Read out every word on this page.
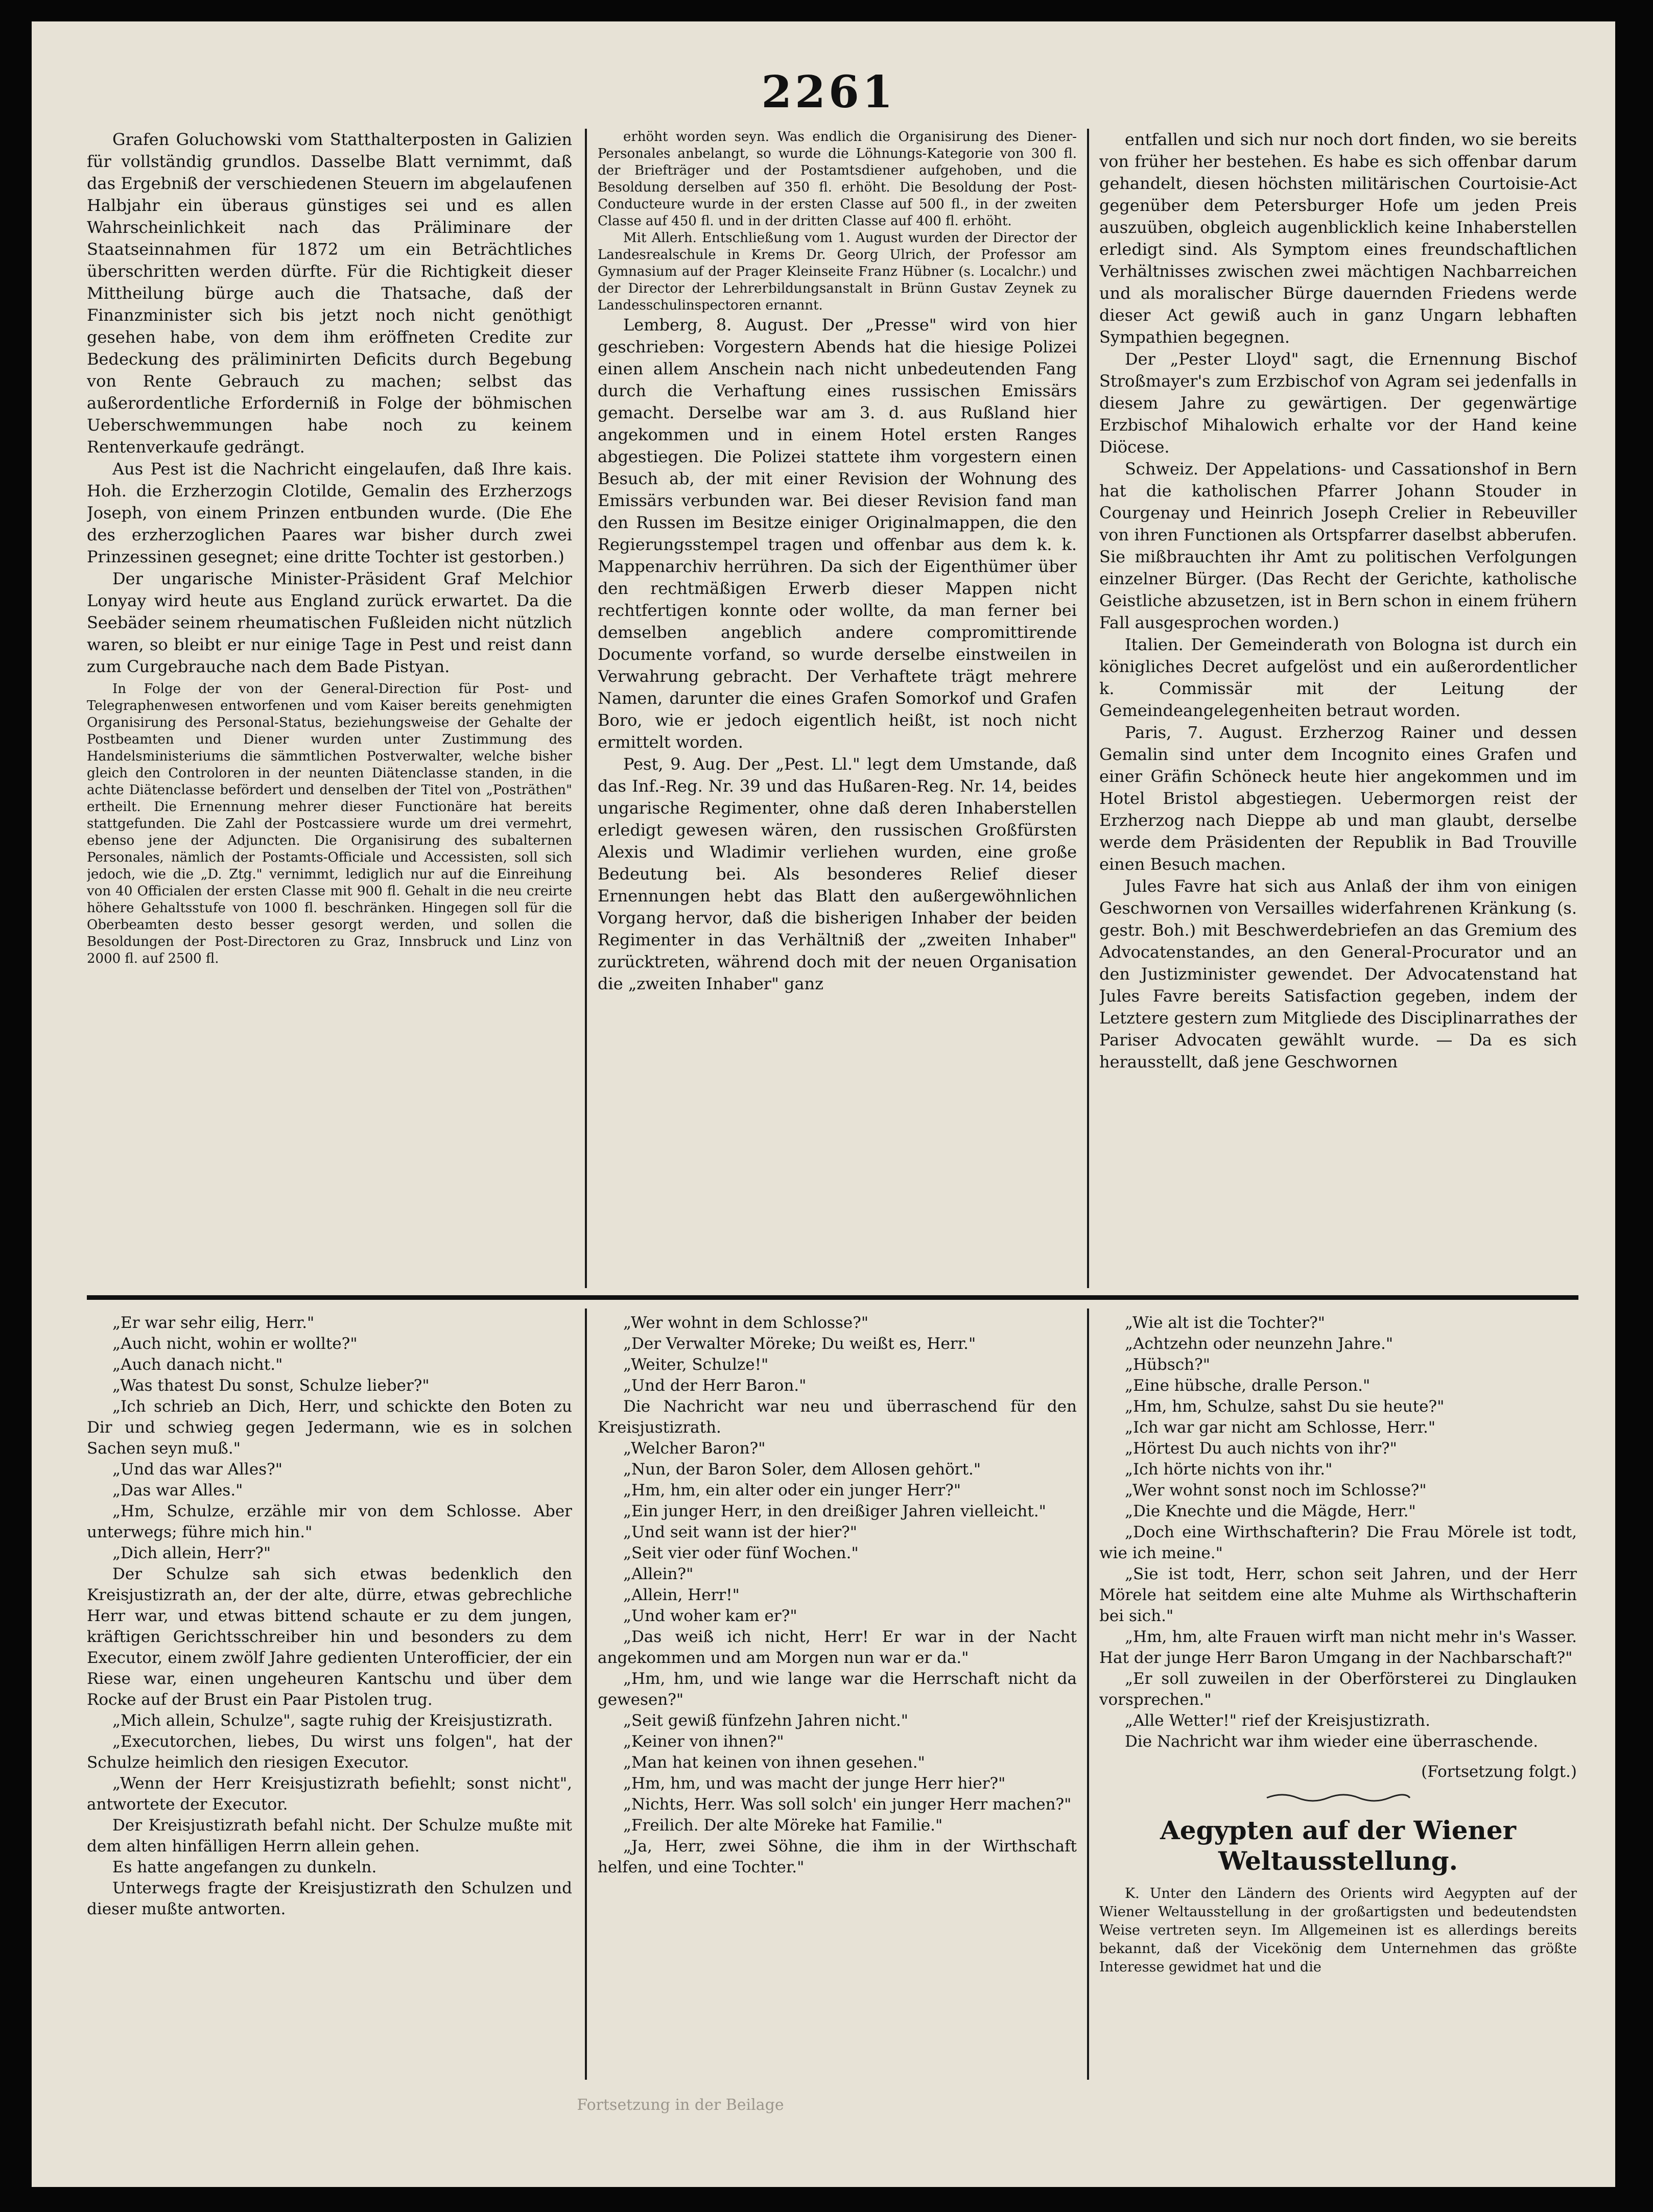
2261

Grafen Goluchowski vom Statthalterposten in Galizien für vollständig grundlos. Dasselbe Blatt vernimmt, daß das Ergebniß der verschiedenen Steuern im abgelaufenen Halbjahr ein überaus günstiges sei und es allen Wahrscheinlichkeit nach das Präliminare der Staatseinnahmen für 1872 um ein Beträchtliches überschritten werden dürfte. Für die Richtigkeit dieser Mittheilung bürge auch die Thatsache, daß der Finanzminister sich bis jetzt noch nicht genöthigt gesehen habe, von dem ihm eröffneten Credite zur Bedeckung des präliminirten Deficits durch Begebung von Rente Gebrauch zu machen; selbst das außerordentliche Erforderniß in Folge der böhmischen Ueberschwemmungen habe noch zu keinem Rentenverkaufe gedrängt.

Aus Pest ist die Nachricht eingelaufen, daß Ihre kais. Hoh. die Erzherzogin Clotilde, Gemalin des Erzherzogs Joseph, von einem Prinzen entbunden wurde. (Die Ehe des erzherzoglichen Paares war bisher durch zwei Prinzessinen gesegnet; eine dritte Tochter ist gestorben.)

Der ungarische Minister-Präsident Graf Melchior Lonyay wird heute aus England zurück erwartet. Da die Seebäder seinem rheumatischen Fußleiden nicht nützlich waren, so bleibt er nur einige Tage in Pest und reist dann zum Curgebrauche nach dem Bade Pistyan.

In Folge der von der General-Direction für Post- und Telegraphenwesen entworfenen und vom Kaiser bereits genehmigten Organisirung des Personal-Status, beziehungsweise der Gehalte der Postbeamten und Diener wurden unter Zustimmung des Handelsministeriums die sämmtlichen Postverwalter, welche bisher gleich den Controloren in der neunten Diätenclasse standen, in die achte Diätenclasse befördert und denselben der Titel von „Posträthen" ertheilt. Die Ernennung mehrer dieser Functionäre hat bereits stattgefunden. Die Zahl der Postcassiere wurde um drei vermehrt, ebenso jene der Adjuncten. Die Organisirung des subalternen Personales, nämlich der Postamts-Officiale und Accessisten, soll sich jedoch, wie die „D. Ztg." vernimmt, lediglich nur auf die Einreihung von 40 Officialen der ersten Classe mit 900 fl. Gehalt in die neu creirte höhere Gehaltsstufe von 1000 fl. beschränken. Hingegen soll für die Oberbeamten desto besser gesorgt werden, und sollen die Besoldungen der Post-Directoren zu Graz, Innsbruck und Linz von 2000 fl. auf 2500 fl.

erhöht worden seyn. Was endlich die Organisirung des Diener-Personales anbelangt, so wurde die Löhnungs-Kategorie von 300 fl. der Briefträger und der Postamtsdiener aufgehoben, und die Besoldung derselben auf 350 fl. erhöht. Die Besoldung der Post-Conducteure wurde in der ersten Classe auf 500 fl., in der zweiten Classe auf 450 fl. und in der dritten Classe auf 400 fl. erhöht.

Mit Allerh. Entschließung vom 1. August wurden der Director der Landesrealschule in Krems Dr. Georg Ulrich, der Professor am Gymnasium auf der Prager Kleinseite Franz Hübner (s. Localchr.) und der Director der Lehrerbildungsanstalt in Brünn Gustav Zeynek zu Landesschulinspectoren ernannt.

Lemberg, 8. August. Der „Presse" wird von hier geschrieben: Vorgestern Abends hat die hiesige Polizei einen allem Anschein nach nicht unbedeutenden Fang durch die Verhaftung eines russischen Emissärs gemacht. Derselbe war am 3. d. aus Rußland hier angekommen und in einem Hotel ersten Ranges abgestiegen. Die Polizei stattete ihm vorgestern einen Besuch ab, der mit einer Revision der Wohnung des Emissärs verbunden war. Bei dieser Revision fand man den Russen im Besitze einiger Originalmappen, die den Regierungsstempel tragen und offenbar aus dem k. k. Mappenarchiv herrühren. Da sich der Eigenthümer über den rechtmäßigen Erwerb dieser Mappen nicht rechtfertigen konnte oder wollte, da man ferner bei demselben angeblich andere compromittirende Documente vorfand, so wurde derselbe einstweilen in Verwahrung gebracht. Der Verhaftete trägt mehrere Namen, darunter die eines Grafen Somorkof und Grafen Boro, wie er jedoch eigentlich heißt, ist noch nicht ermittelt worden.

Pest, 9. Aug. Der „Pest. Ll." legt dem Umstande, daß das Inf.-Reg. Nr. 39 und das Hußaren-Reg. Nr. 14, beides ungarische Regimenter, ohne daß deren Inhaberstellen erledigt gewesen wären, den russischen Großfürsten Alexis und Wladimir verliehen wurden, eine große Bedeutung bei. Als besonderes Relief dieser Ernennungen hebt das Blatt den außergewöhnlichen Vorgang hervor, daß die bisherigen Inhaber der beiden Regimenter in das Verhältniß der „zweiten Inhaber" zurücktreten, während doch mit der neuen Organisation die „zweiten Inhaber" ganz

entfallen und sich nur noch dort finden, wo sie bereits von früher her bestehen. Es habe es sich offenbar darum gehandelt, diesen höchsten militärischen Courtoisie-Act gegenüber dem Petersburger Hofe um jeden Preis auszuüben, obgleich augenblicklich keine Inhaberstellen erledigt sind. Als Symptom eines freundschaftlichen Verhältnisses zwischen zwei mächtigen Nachbarreichen und als moralischer Bürge dauernden Friedens werde dieser Act gewiß auch in ganz Ungarn lebhaften Sympathien begegnen.

Der „Pester Lloyd" sagt, die Ernennung Bischof Stroßmayer's zum Erzbischof von Agram sei jedenfalls in diesem Jahre zu gewärtigen. Der gegenwärtige Erzbischof Mihalowich erhalte vor der Hand keine Diöcese.

Schweiz. Der Appelations- und Cassationshof in Bern hat die katholischen Pfarrer Johann Stouder in Courgenay und Heinrich Joseph Crelier in Rebeuviller von ihren Functionen als Ortspfarrer daselbst abberufen. Sie mißbrauchten ihr Amt zu politischen Verfolgungen einzelner Bürger. (Das Recht der Gerichte, katholische Geistliche abzusetzen, ist in Bern schon in einem frühern Fall ausgesprochen worden.)

Italien. Der Gemeinderath von Bologna ist durch ein königliches Decret aufgelöst und ein außerordentlicher k. Commissär mit der Leitung der Gemeindeangelegenheiten betraut worden.

Paris, 7. August. Erzherzog Rainer und dessen Gemalin sind unter dem Incognito eines Grafen und einer Gräfin Schöneck heute hier angekommen und im Hotel Bristol abgestiegen. Uebermorgen reist der Erzherzog nach Dieppe ab und man glaubt, derselbe werde dem Präsidenten der Republik in Bad Trouville einen Besuch machen.

Jules Favre hat sich aus Anlaß der ihm von einigen Geschwornen von Versailles widerfahrenen Kränkung (s. gestr. Boh.) mit Beschwerdebriefen an das Gremium des Advocatenstandes, an den General-Procurator und an den Justizminister gewendet. Der Advocatenstand hat Jules Favre bereits Satisfaction gegeben, indem der Letztere gestern zum Mitgliede des Disciplinarrathes der Pariser Advocaten gewählt wurde. — Da es sich herausstellt, daß jene Geschwornen

„Er war sehr eilig, Herr."

„Auch nicht, wohin er wollte?"

„Auch danach nicht."

„Was thatest Du sonst, Schulze lieber?"

„Ich schrieb an Dich, Herr, und schickte den Boten zu Dir und schwieg gegen Jedermann, wie es in solchen Sachen seyn muß."

„Und das war Alles?"

„Das war Alles."

„Hm, Schulze, erzähle mir von dem Schlosse. Aber unterwegs; führe mich hin."

„Dich allein, Herr?"

Der Schulze sah sich etwas bedenklich den Kreisjustizrath an, der der alte, dürre, etwas gebrechliche Herr war, und etwas bittend schaute er zu dem jungen, kräftigen Gerichtsschreiber hin und besonders zu dem Executor, einem zwölf Jahre gedienten Unterofficier, der ein Riese war, einen ungeheuren Kantschu und über dem Rocke auf der Brust ein Paar Pistolen trug.

„Mich allein, Schulze", sagte ruhig der Kreisjustizrath.

„Executorchen, liebes, Du wirst uns folgen", hat der Schulze heimlich den riesigen Executor.

„Wenn der Herr Kreisjustizrath befiehlt; sonst nicht", antwortete der Executor.

Der Kreisjustizrath befahl nicht. Der Schulze mußte mit dem alten hinfälligen Herrn allein gehen.

Es hatte angefangen zu dunkeln.

Unterwegs fragte der Kreisjustizrath den Schulzen und dieser mußte antworten.

„Wer wohnt in dem Schlosse?"

„Der Verwalter Möreke; Du weißt es, Herr."

„Weiter, Schulze!"

„Und der Herr Baron."

Die Nachricht war neu und überraschend für den Kreisjustizrath.

„Welcher Baron?"

„Nun, der Baron Soler, dem Allosen gehört."

„Hm, hm, ein alter oder ein junger Herr?"

„Ein junger Herr, in den dreißiger Jahren vielleicht."

„Und seit wann ist der hier?"

„Seit vier oder fünf Wochen."

„Allein?"

„Allein, Herr!"

„Und woher kam er?"

„Das weiß ich nicht, Herr! Er war in der Nacht angekommen und am Morgen nun war er da."

„Hm, hm, und wie lange war die Herrschaft nicht da gewesen?"

„Seit gewiß fünfzehn Jahren nicht."

„Keiner von ihnen?"

„Man hat keinen von ihnen gesehen."

„Hm, hm, und was macht der junge Herr hier?"

„Nichts, Herr. Was soll solch' ein junger Herr machen?"

„Freilich. Der alte Möreke hat Familie."

„Ja, Herr, zwei Söhne, die ihm in der Wirthschaft helfen, und eine Tochter."

„Wie alt ist die Tochter?"

„Achtzehn oder neunzehn Jahre."

„Hübsch?"

„Eine hübsche, dralle Person."

„Hm, hm, Schulze, sahst Du sie heute?"

„Ich war gar nicht am Schlosse, Herr."

„Hörtest Du auch nichts von ihr?"

„Ich hörte nichts von ihr."

„Wer wohnt sonst noch im Schlosse?"

„Die Knechte und die Mägde, Herr."

„Doch eine Wirthschafterin? Die Frau Mörele ist todt, wie ich meine."

„Sie ist todt, Herr, schon seit Jahren, und der Herr Mörele hat seitdem eine alte Muhme als Wirthschafterin bei sich."

„Hm, hm, alte Frauen wirft man nicht mehr in's Wasser. Hat der junge Herr Baron Umgang in der Nachbarschaft?"

„Er soll zuweilen in der Oberförsterei zu Dinglauken vorsprechen."

„Alle Wetter!" rief der Kreisjustizrath.

Die Nachricht war ihm wieder eine überraschende.

(Fortsetzung folgt.)

Aegypten auf der Wiener Weltausstellung.

K. Unter den Ländern des Orients wird Aegypten auf der Wiener Weltausstellung in der großartigsten und bedeutendsten Weise vertreten seyn. Im Allgemeinen ist es allerdings bereits bekannt, daß der Vicekönig dem Unternehmen das größte Interesse gewidmet hat und die

Fortsetzung in der Beilage
